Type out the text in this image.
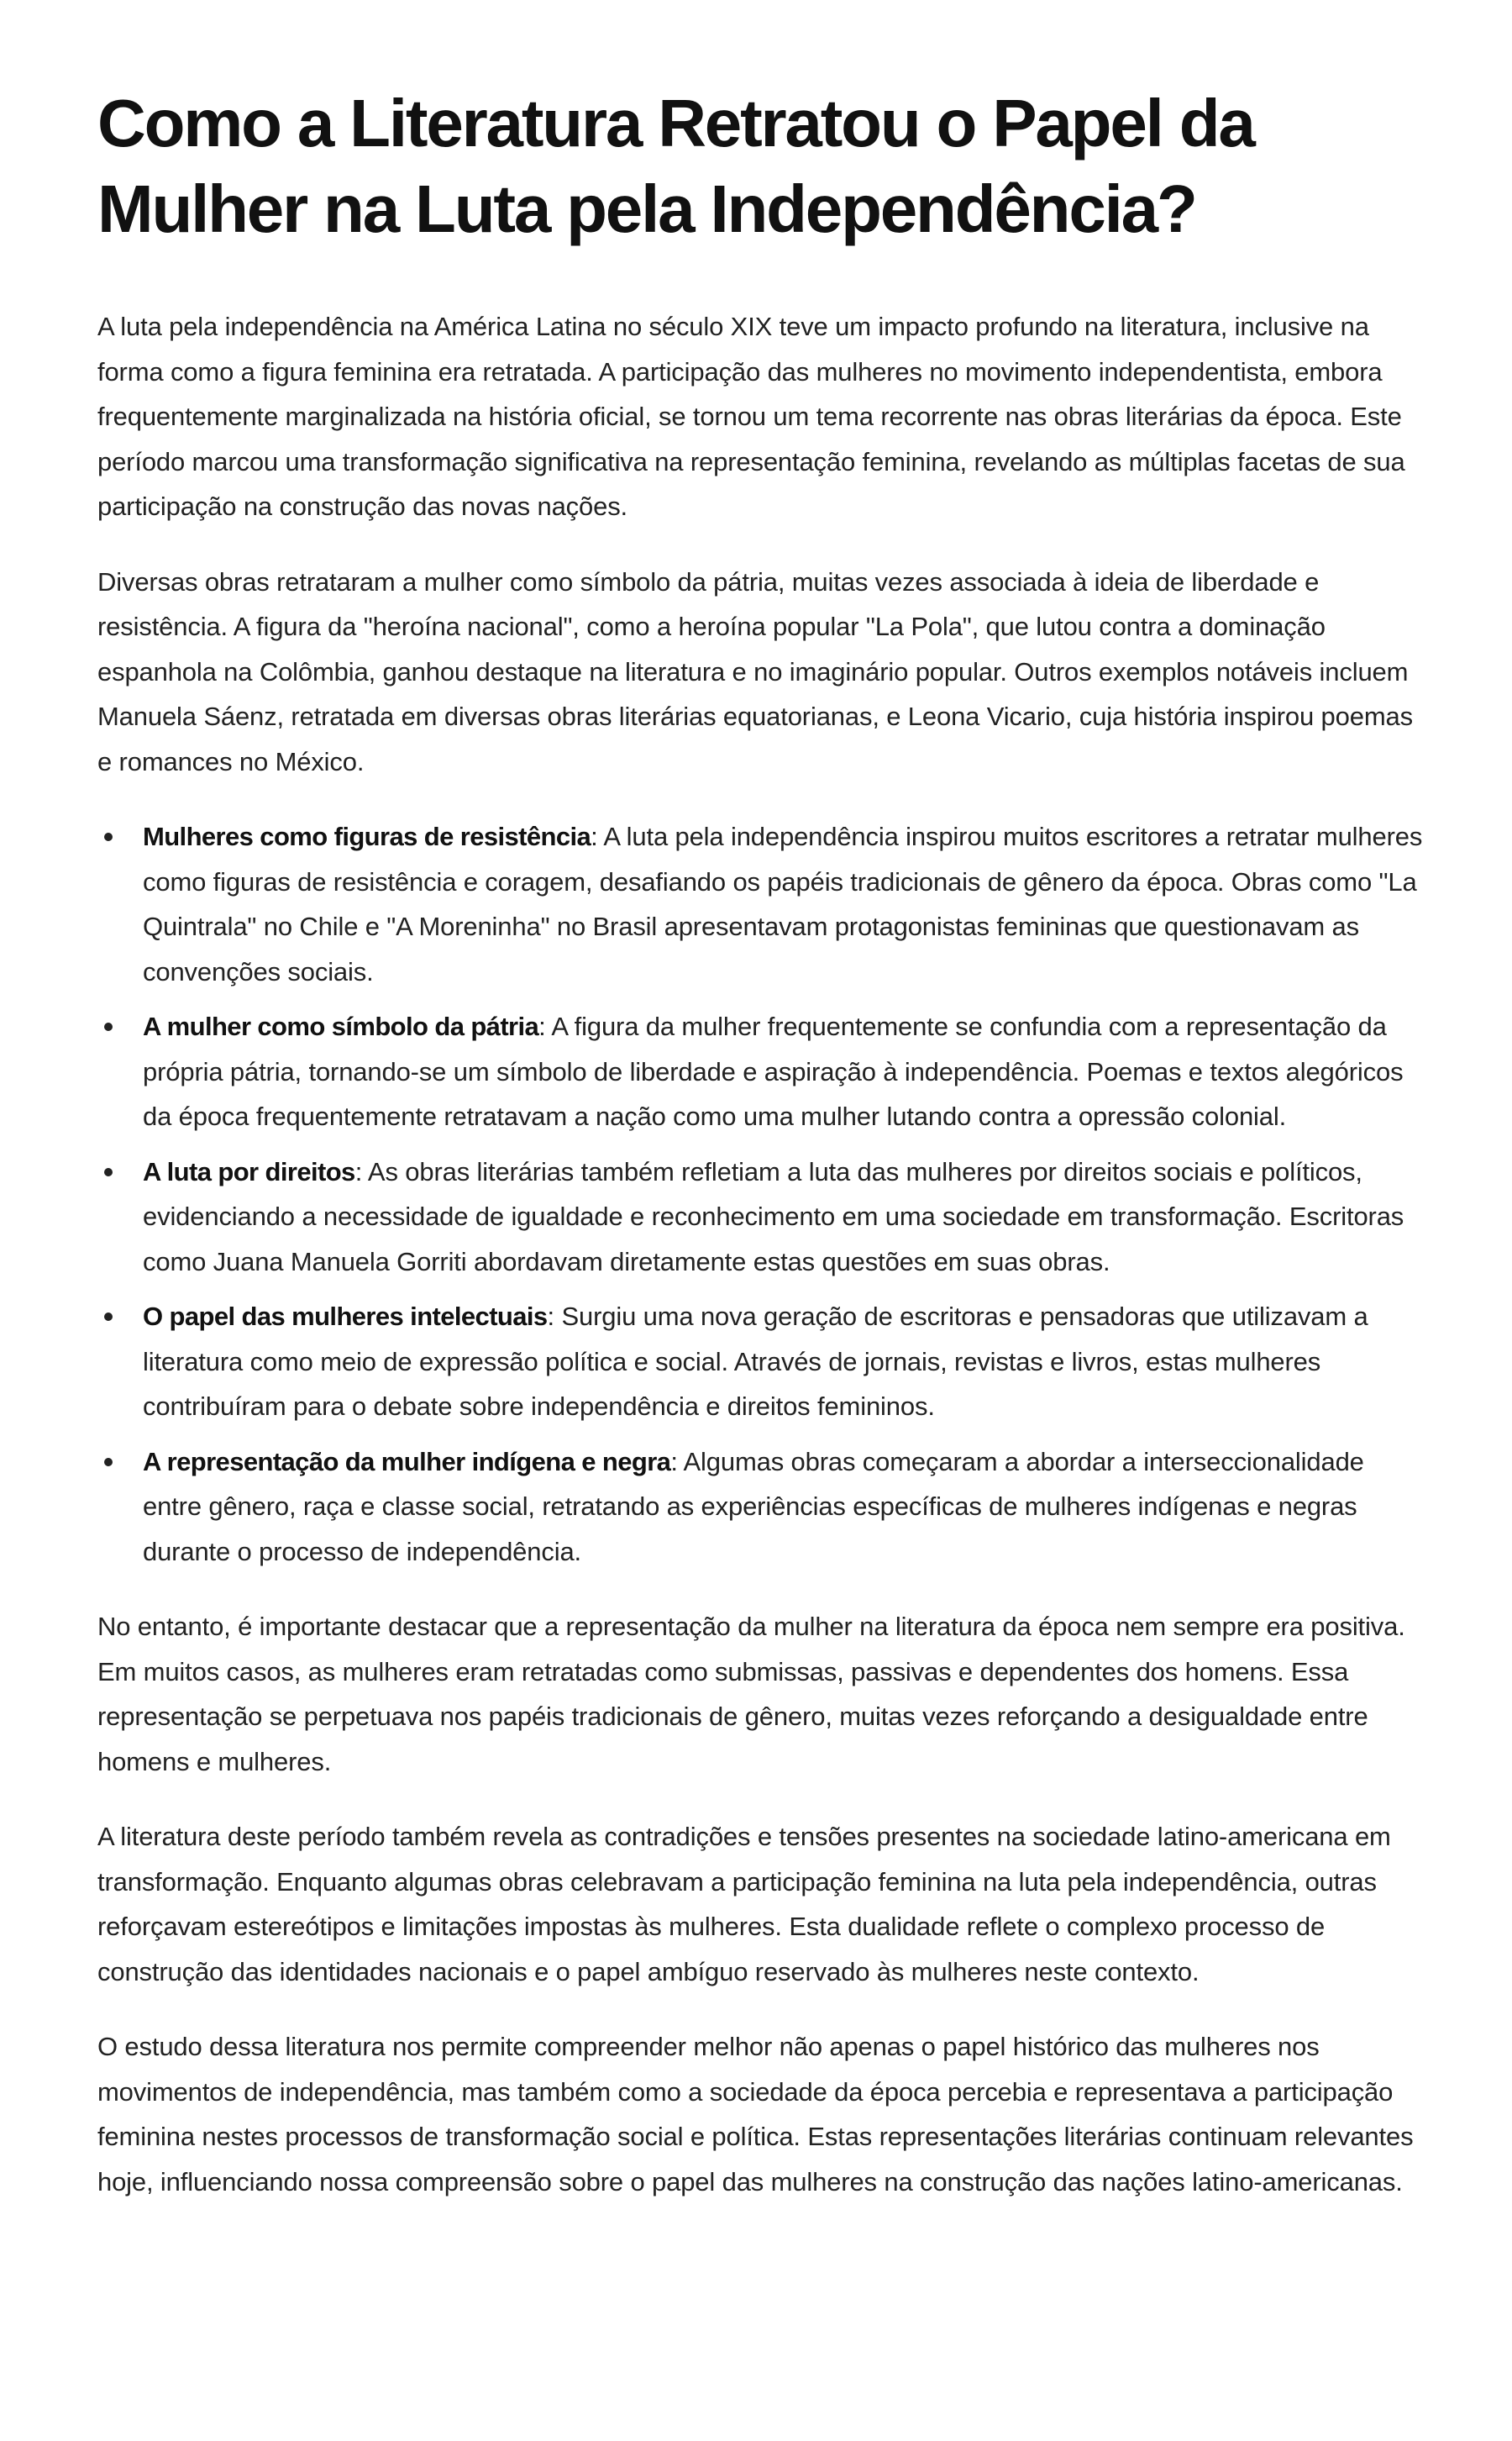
Como a Literatura Retratou o Papel da Mulher na Luta pela Independência?

A luta pela independência na América Latina no século XIX teve um impacto profundo na literatura, inclusive na forma como a figura feminina era retratada. A participação das mulheres no movimento independentista, embora frequentemente marginalizada na história oficial, se tornou um tema recorrente nas obras literárias da época. Este período marcou uma transformação significativa na representação feminina, revelando as múltiplas facetas de sua participação na construção das novas nações.

Diversas obras retrataram a mulher como símbolo da pátria, muitas vezes associada à ideia de liberdade e resistência. A figura da "heroína nacional", como a heroína popular "La Pola", que lutou contra a dominação espanhola na Colômbia, ganhou destaque na literatura e no imaginário popular. Outros exemplos notáveis incluem Manuela Sáenz, retratada em diversas obras literárias equatorianas, e Leona Vicario, cuja história inspirou poemas e romances no México.

Mulheres como figuras de resistência: A luta pela independência inspirou muitos escritores a retratar mulheres como figuras de resistência e coragem, desafiando os papéis tradicionais de gênero da época. Obras como "La Quintrala" no Chile e "A Moreninha" no Brasil apresentavam protagonistas femininas que questionavam as convenções sociais.
A mulher como símbolo da pátria: A figura da mulher frequentemente se confundia com a representação da própria pátria, tornando-se um símbolo de liberdade e aspiração à independência. Poemas e textos alegóricos da época frequentemente retratavam a nação como uma mulher lutando contra a opressão colonial.
A luta por direitos: As obras literárias também refletiam a luta das mulheres por direitos sociais e políticos, evidenciando a necessidade de igualdade e reconhecimento em uma sociedade em transformação. Escritoras como Juana Manuela Gorriti abordavam diretamente estas questões em suas obras.
O papel das mulheres intelectuais: Surgiu uma nova geração de escritoras e pensadoras que utilizavam a literatura como meio de expressão política e social. Através de jornais, revistas e livros, estas mulheres contribuíram para o debate sobre independência e direitos femininos.
A representação da mulher indígena e negra: Algumas obras começaram a abordar a interseccionalidade entre gênero, raça e classe social, retratando as experiências específicas de mulheres indígenas e negras durante o processo de independência.

No entanto, é importante destacar que a representação da mulher na literatura da época nem sempre era positiva. Em muitos casos, as mulheres eram retratadas como submissas, passivas e dependentes dos homens. Essa representação se perpetuava nos papéis tradicionais de gênero, muitas vezes reforçando a desigualdade entre homens e mulheres.

A literatura deste período também revela as contradições e tensões presentes na sociedade latino-americana em transformação. Enquanto algumas obras celebravam a participação feminina na luta pela independência, outras reforçavam estereótipos e limitações impostas às mulheres. Esta dualidade reflete o complexo processo de construção das identidades nacionais e o papel ambíguo reservado às mulheres neste contexto.

O estudo dessa literatura nos permite compreender melhor não apenas o papel histórico das mulheres nos movimentos de independência, mas também como a sociedade da época percebia e representava a participação feminina nestes processos de transformação social e política. Estas representações literárias continuam relevantes hoje, influenciando nossa compreensão sobre o papel das mulheres na construção das nações latino-americanas.
